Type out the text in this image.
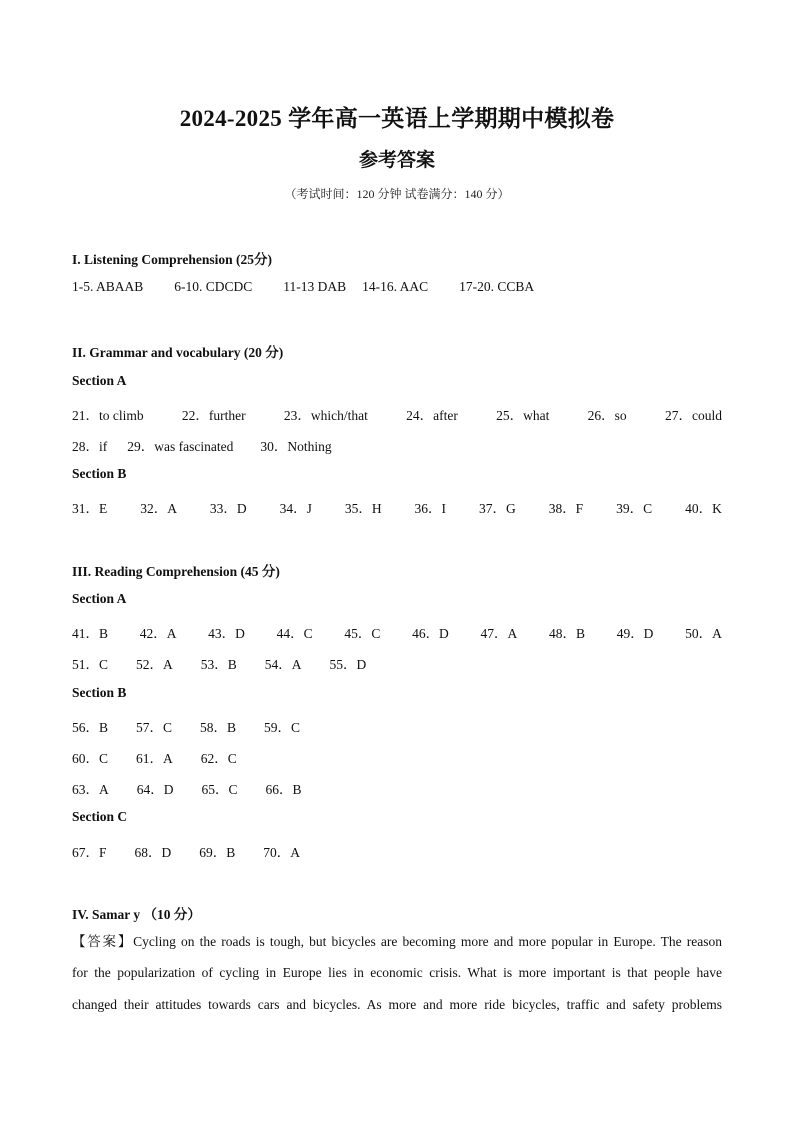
2024-2025 学年高一英语上学期期中模拟卷
参考答案
（考试时间：120 分钟 试卷满分：140 分）
I. Listening Comprehension (25分)
1-5. ABAAB 6-10. CDCDC 11-13 DAB 14-16. AAC 17-20. CCBA
II. Grammar and vocabulary (20 分)
Section A
21．to climb	22．further	23．which/that	24．after	25．what	26．so	27．could
28．if 29．was fascinated 30．Nothing
Section B
31．E 32．A 33．D 34．J 35．H 36．I 37．G 38．F 39．C 40．K
III. Reading Comprehension (45 分)
Section A
41．B 42．A 43．D 44．C 45．C 46．D 47．A 48．B 49．D 50．A
51．C 52．A 53．B 54．A 55．D
Section B
56．B 57．C 58．B 59．C
60．C 61．A 62．C
63．A 64．D 65．C 66．B
Section C
67．F 68．D 69．B 70．A
IV. Samar y （10 分）
【答案】Cycling on the roads is tough, but bicycles are becoming more and more popular in Europe. The reason
for the popularization of cycling in Europe lies in economic crisis. What is more important is that people have
changed their attitudes towards cars and bicycles. As more and more ride bicycles, traffic and safety problems
